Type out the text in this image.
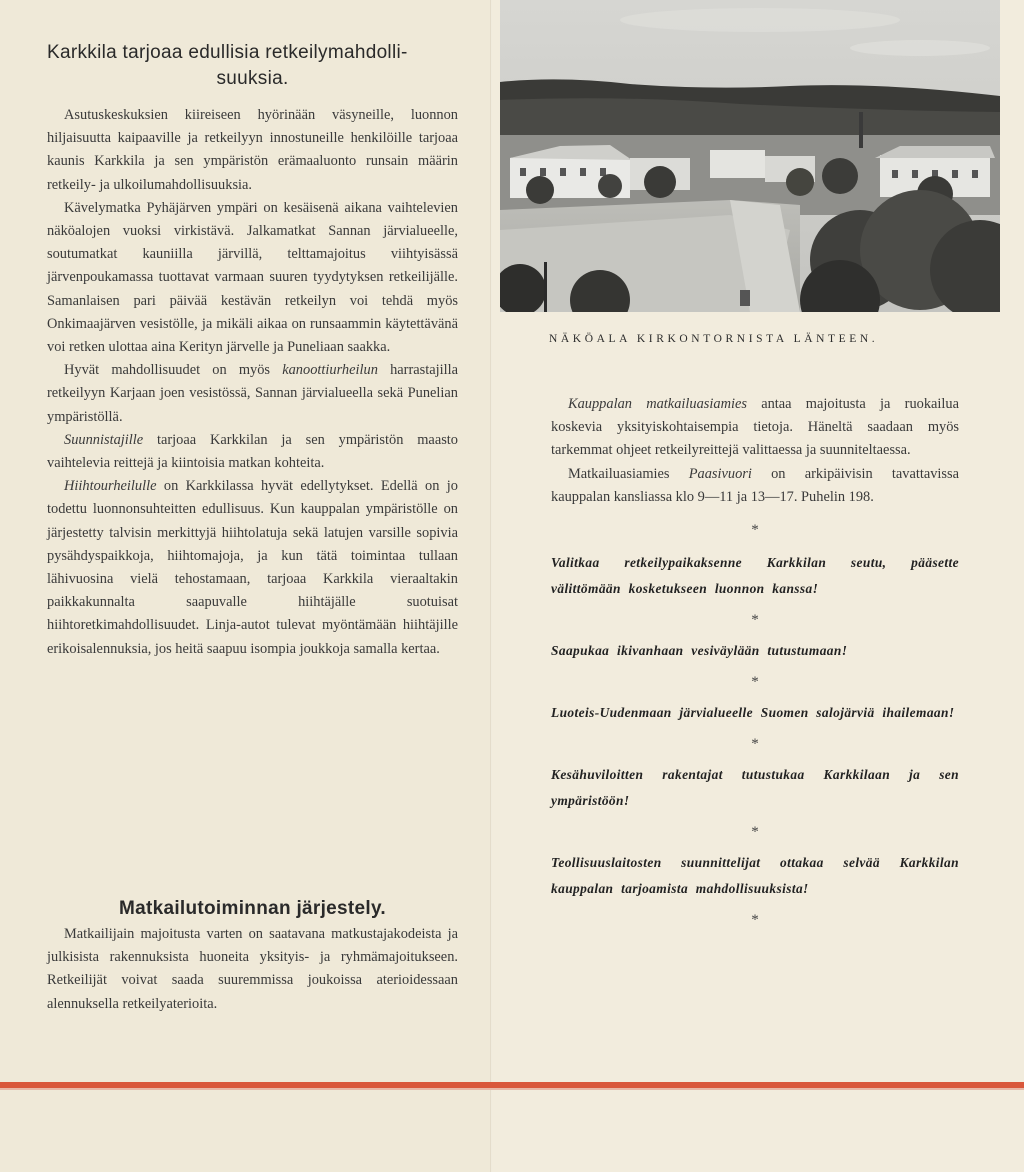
Karkkila tarjoaa edullisia retkeilymahdolli-
suuksia.

Asutuskeskuksien kiireiseen hyörinään väsyneille, luonnon hiljaisuutta kaipaaville ja retkeilyyn innostuneille henkilöille tarjoaa kaunis Karkkila ja sen ympäristön erämaaluonto runsain määrin retkeily- ja ulkoilumahdollisuuksia.

Kävelymatka Pyhäjärven ympäri on kesäisenä aikana vaihtelevien näköalojen vuoksi virkistävä. Jalkamatkat Sannan järvialueelle, soutumatkat kauniilla järvillä, telttamajoitus viihtyisässä järvenpoukamassa tuottavat varmaan suuren tyydytyksen retkeilijälle. Samanlaisen pari päivää kestävän retkeilyn voi tehdä myös Onkimaajärven vesistölle, ja mikäli aikaa on runsaammin käytettävänä voi retken ulottaa aina Kerityn järvelle ja Puneliaan saakka.

Hyvät mahdollisuudet on myös kanoottiurheilun harrastajilla retkeilyyn Karjaan joen vesistössä, Sannan järvialueella sekä Punelian ympäristöllä.

Suunnistajille tarjoaa Karkkilan ja sen ympäristön maasto vaihtelevia reittejä ja kiintoisia matkan kohteita.

Hiihtourheilulle on Karkkilassa hyvät edellytykset. Edellä on jo todettu luonnonsuhteitten edullisuus. Kun kauppalan ympäristölle on järjestetty talvisin merkittyjä hiihtolatuja sekä latujen varsille sopivia pysähdyspaikkoja, hiihtomajoja, ja kun tätä toimintaa tullaan lähivuosina vielä tehostamaan, tarjoaa Karkkila vieraaltakin paikkakunnalta saapuvalle hiihtäjälle suotuisat hiihtoretkimahdollisuudet. Linja-autot tulevat myöntämään hiihtäjille erikoisalennuksia, jos heitä saapuu isompia joukkoja samalla kertaa.

Matkailutoiminnan järjestely.

Matkailijain majoitusta varten on saatavana matkustajakodeista ja julkisista rakennuksista huoneita yksityis- ja ryhmämajoitukseen. Retkeilijät voivat saada suuremmissa joukoissa aterioidessaan alennuksella retkeilyaterioita.

NÄKÖALA KIRKONTORNISTA LÄNTEEN.

Kauppalan matkailuasiamies antaa majoitusta ja ruokailua koskevia yksityiskohtaisempia tietoja. Häneltä saadaan myös tarkemmat ohjeet retkeilyreittejä valittaessa ja suunniteltaessa.

Matkailuasiamies Paasivuori on arkipäivisin tavattavissa kauppalan kansliassa klo 9—11 ja 13—17. Puhelin 198.

*

Valitkaa retkeilypaikaksenne Karkkilan seutu, pääsette välittömään kosketukseen luonnon kanssa!

*

Saapukaa ikivanhaan vesiväylään tutustumaan!

*

Luoteis-Uudenmaan järvialueelle Suomen salojärviä ihailemaan!

*

Kesähuviloitten rakentajat tutustukaa Karkkilaan ja sen ympäristöön!

*

Teollisuuslaitosten suunnittelijat ottakaa selvää Karkkilan kauppalan tarjoamista mahdollisuuksista!

*
